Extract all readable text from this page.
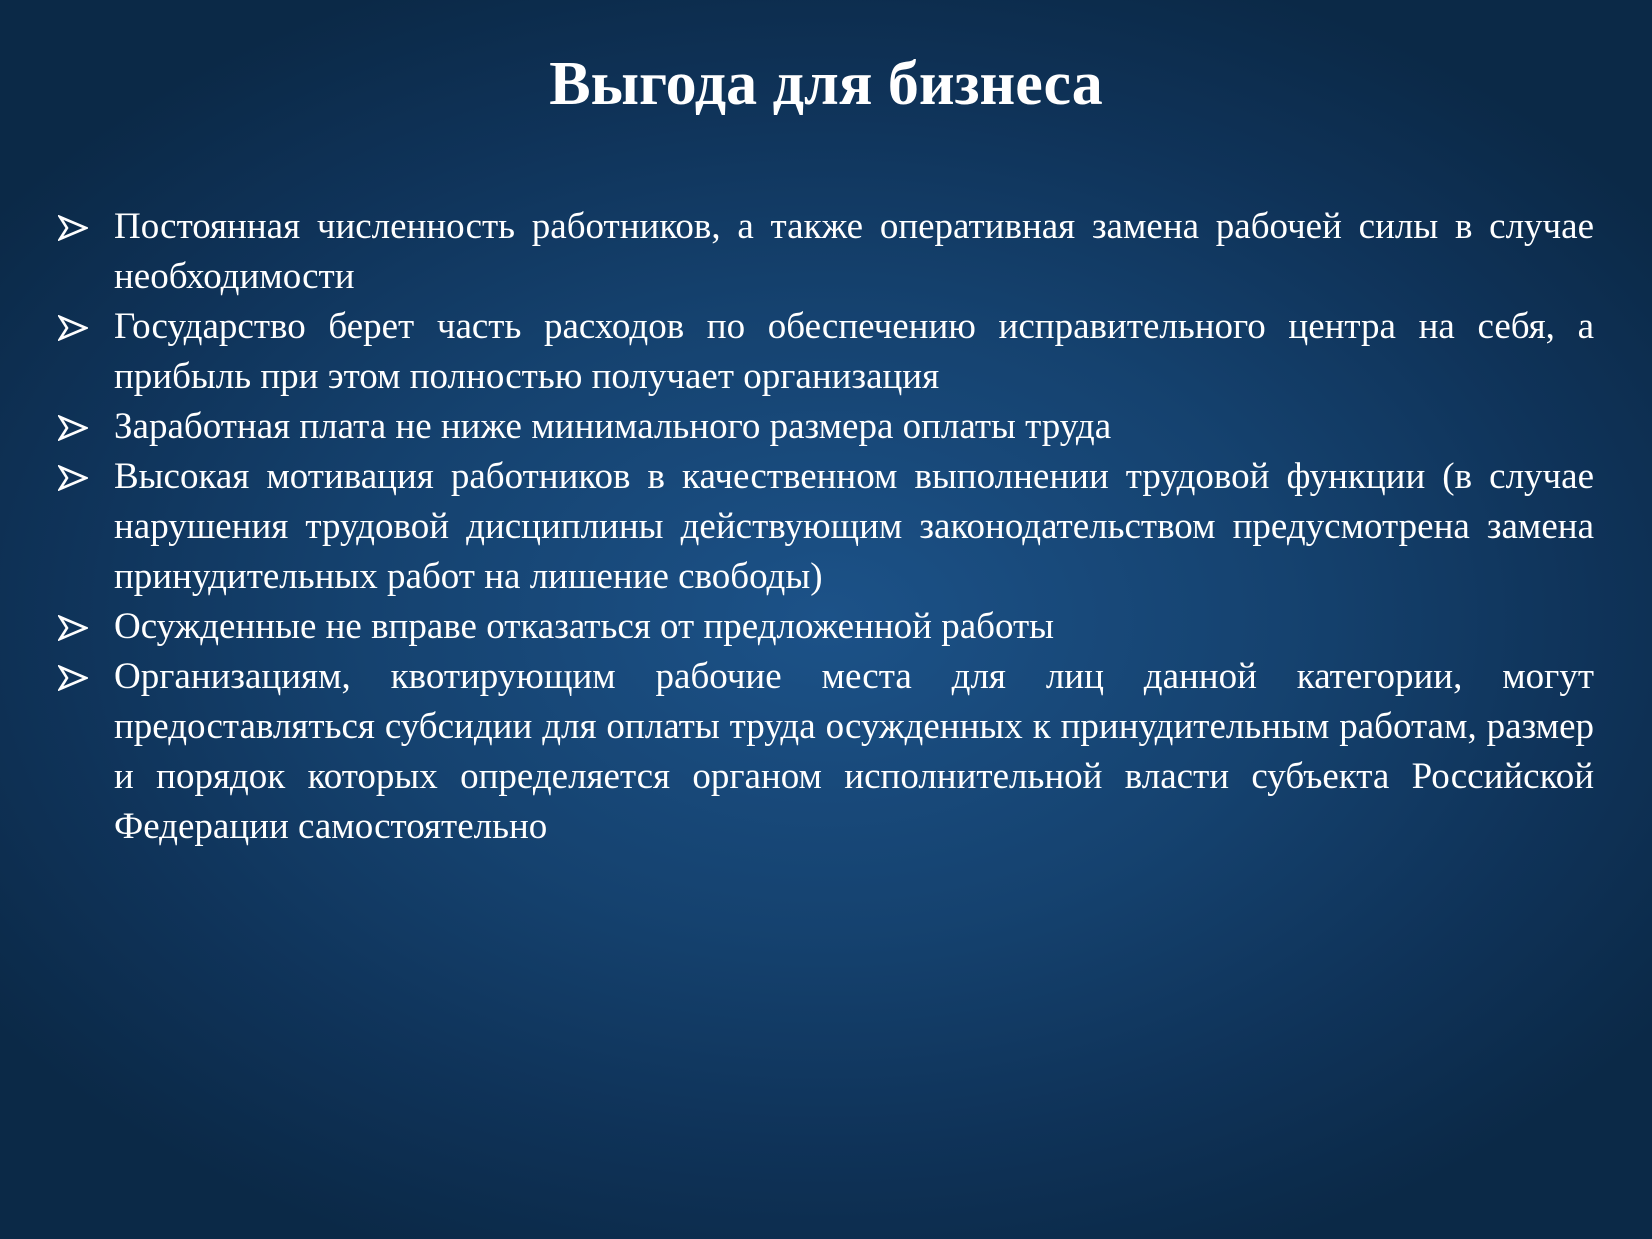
Выгода для бизнеса
Постоянная численность работников, а также оперативная замена рабочей силы в случае необходимости
Государство берет часть расходов по обеспечению исправительного центра на себя, а прибыль при этом полностью получает организация
Заработная плата не ниже минимального размера оплаты труда
Высокая мотивация работников в качественном выполнении трудовой функции (в случае нарушения трудовой дисциплины действующим законодательством предусмотрена замена принудительных работ на лишение свободы)
Осужденные не вправе отказаться от предложенной работы
Организациям, квотирующим рабочие места для лиц данной категории, могут предоставляться субсидии для оплаты труда осужденных к принудительным работам, размер и порядок которых определяется органом исполнительной власти субъекта Российской Федерации самостоятельно
